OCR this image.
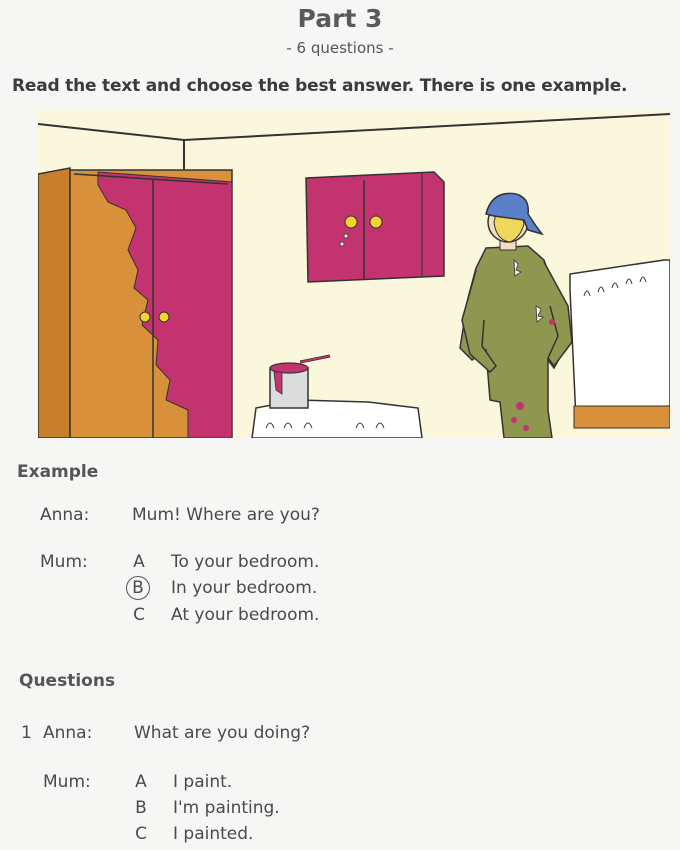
Part 3
- 6 questions -
Read the text and choose the best answer. There is one example.
Example
Anna:	Mum! Where are you?
Mum:	A	To your bedroom.
B	In your bedroom.
C At your bedroom.
Questions
1 Anna: What are you doing?
Mum:	A	I paint.
B	I'm painting.
C I painted.
